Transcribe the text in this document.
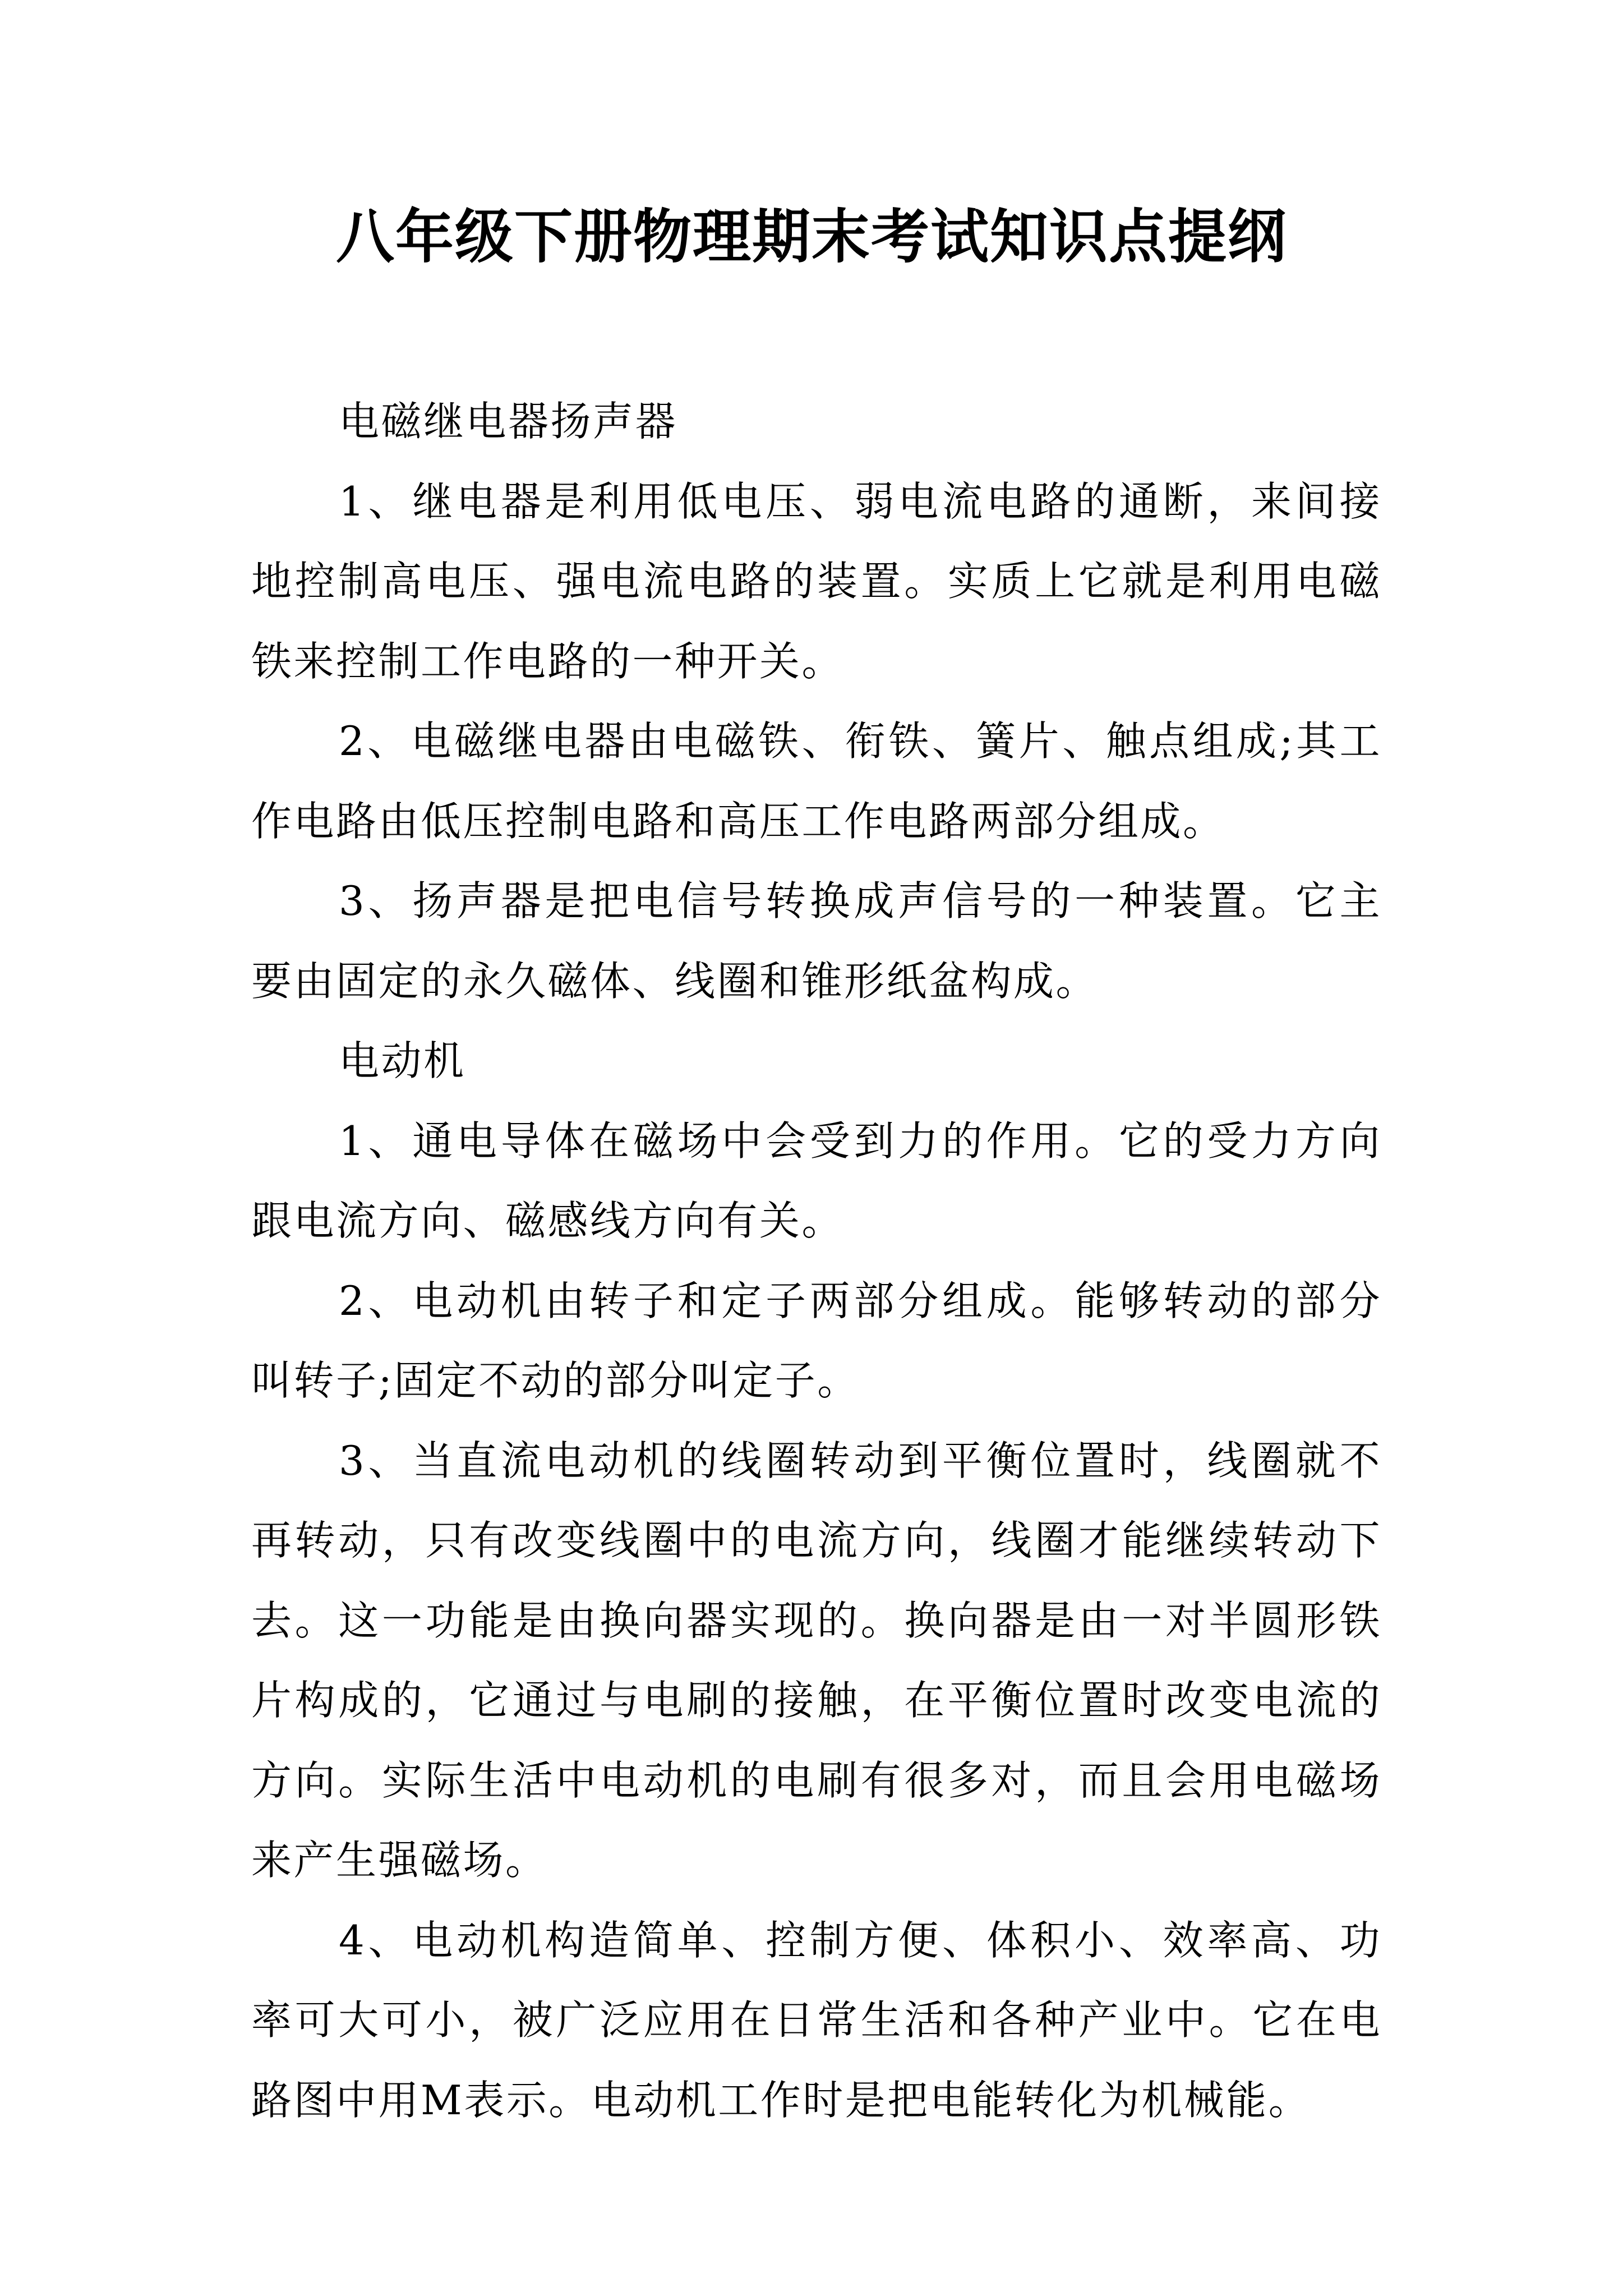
八年级下册物理期末考试知识点提纲

电磁继电器扬声器

1、继电器是利用低电压、弱电流电路的通断，来间接地控制高电压、强电流电路的装置。实质上它就是利用电磁铁来控制工作电路的一种开关。

2、电磁继电器由电磁铁、衔铁、簧片、触点组成;其工作电路由低压控制电路和高压工作电路两部分组成。

3、扬声器是把电信号转换成声信号的一种装置。它主要由固定的永久磁体、线圈和锥形纸盆构成。

电动机

1、通电导体在磁场中会受到力的作用。它的受力方向跟电流方向、磁感线方向有关。

2、电动机由转子和定子两部分组成。能够转动的部分叫转子;固定不动的部分叫定子。

3、当直流电动机的线圈转动到平衡位置时，线圈就不再转动，只有改变线圈中的电流方向，线圈才能继续转动下去。这一功能是由换向器实现的。换向器是由一对半圆形铁片构成的，它通过与电刷的接触，在平衡位置时改变电流的方向。实际生活中电动机的电刷有很多对，而且会用电磁场来产生强磁场。

4、电动机构造简单、控制方便、体积小、效率高、功率可大可小，被广泛应用在日常生活和各种产业中。它在电路图中用M表示。电动机工作时是把电能转化为机械能。
